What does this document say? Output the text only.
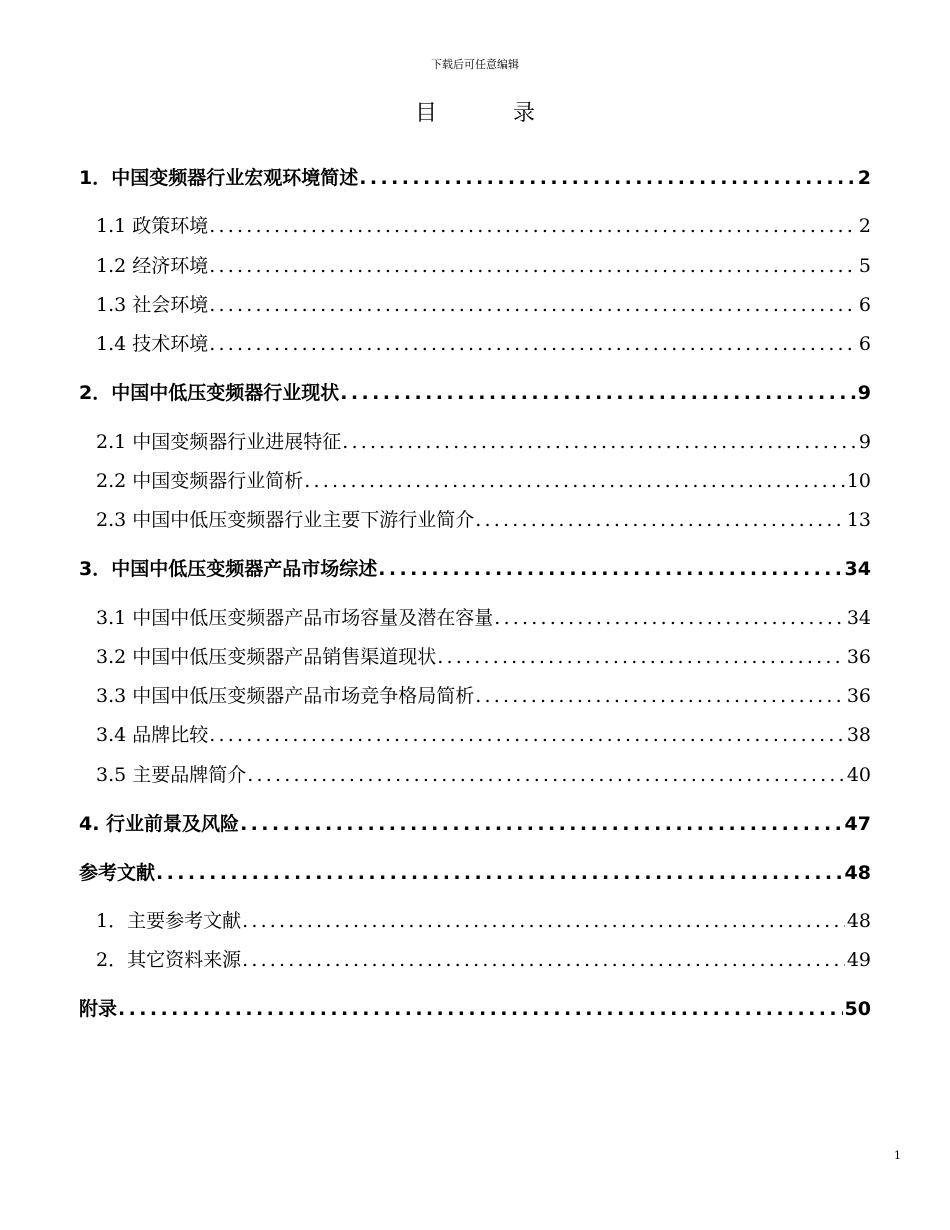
下载后可任意编辑
目	录
1．中国变频器行业宏观环境简述 .....	2
1.1 政策环境 .....	2
1.2 经济环境 .....	5
1.3 社会环境 .....	6
1.4 技术环境 .....	6
2．中国中低压变频器行业现状 .....	9
2.1 中国变频器行业进展特征 .....	9
2.2 中国变频器行业简析 .....	10
2.3 中国中低压变频器行业主要下游行业简介 .....	13
3．中国中低压变频器产品市场综述 .....	34
3.1 中国中低压变频器产品市场容量及潜在容量 .....	34
3.2 中国中低压变频器产品销售渠道现状 .....	36
3.3 中国中低压变频器产品市场竞争格局简析 .....	36
3.4 品牌比较 .....	38
3.5 主要品牌简介 .....	40
4. 行业前景及风险 .....	47
参考文献 .....	48
1．主要参考文献 .....	48
2．其它资料来源 .....	49
附录 .....	50
1
